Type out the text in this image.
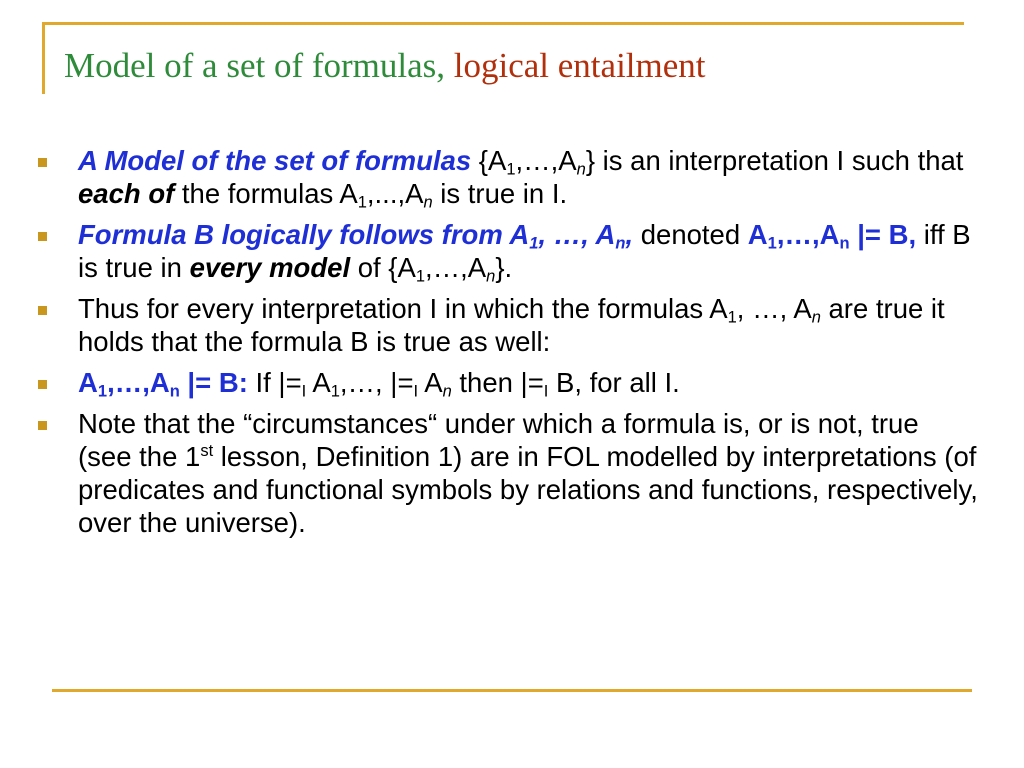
Model of a set of formulas, logical entailment
A Model of the set of formulas $\{A_1,\dots,A_n\}$ is an interpretation I such that each of the formulas $A_1,...,A_n$ is true in I.
Formula B logically follows from $A_1$, …, $A_n$, denoted $A_1,\dots,A_n$ |= B, iff B is true in every model of $\{A_1,\dots,A_n\}$.
Thus for every interpretation I in which the formulas $A_1$, …, $A_n$ are true it holds that the formula B is true as well:
$A_1,\dots,A_n$ |= B: If $|=_I$ $A_1,\dots$, $|=_I$ $A_n$ then $|=_I$ B, for all I.
Note that the “circumstances“ under which a formula is, or is not, true (see the 1st lesson, Definition 1) are in FOL modelled by interpretations (of predicates and functional symbols by relations and functions, respectively, over the universe).
